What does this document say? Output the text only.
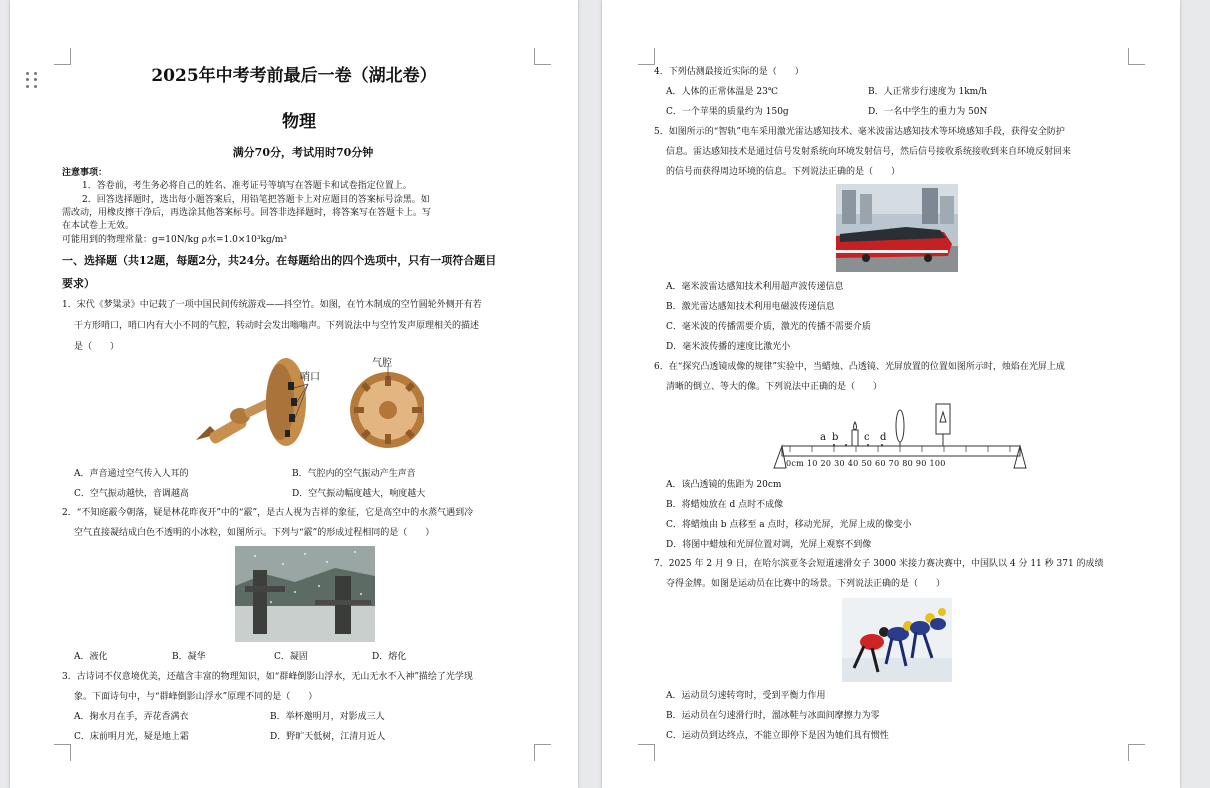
2025年中考考前最后一卷（湖北卷）
物理
满分70分，考试用时70分钟
注意事项：
1．答卷前，考生务必将自己的姓名、准考证号等填写在答题卡和试卷指定位置上。
2．回答选择题时，选出每小题答案后，用铅笔把答题卡上对应题目的答案标号涂黑。如
需改动，用橡皮擦干净后，再选涂其他答案标号。回答非选择题时，将答案写在答题卡上。写
在本试卷上无效。
可能用到的物理常量：g=10N/kg ρ水=1.0×10³kg/m³
一、选择题（共12题，每题2分，共24分。在每题给出的四个选项中，只有一项符合题目
要求）
1．宋代《梦粱录》中记载了一项中国民间传统游戏——抖空竹。如图，在竹木制成的空竹圆轮外侧开有若
干方形哨口，哨口内有大小不同的气腔，转动时会发出嗡嗡声。下列说法中与空竹发声原理相关的描述
是（　　）
哨口
气腔
A．声音通过空气传入人耳的	B．气腔内的空气振动产生声音
C．空气振动越快，音调越高	D．空气振动幅度越大，响度越大
2．“不知庭霰今朝落，疑是林花昨夜开”中的“霰”，是古人视为吉祥的象征，它是高空中的水蒸气遇到冷
空气直接凝结成白色不透明的小冰粒，如图所示。下列与“霰”的形成过程相同的是（　　）
A．液化	B．凝华	C．凝固	D．熔化
3．古诗词不仅意境优美，还蕴含丰富的物理知识，如“群峰倒影山浮水，无山无水不入神”描绘了光学现
象。下面诗句中，与“群峰倒影山浮水”原理不同的是（　　）
A．掬水月在手，弄花香满衣	B．举杯邀明月，对影成三人
C．床前明月光，疑是地上霜	D．野旷天低树，江清月近人
4．下列估测最接近实际的是（　　）
A．人体的正常体温是 23℃	B．人正常步行速度为 1km/h
C．一个苹果的质量约为 150g	D．一名中学生的重力为 50N
5．如图所示的“智轨”电车采用激光雷达感知技术、毫米波雷达感知技术等环境感知手段，获得安全防护
信息。雷达感知技术是通过信号发射系统向环境发射信号，然后信号接收系统接收到来自环境反射回来
的信号而获得周边环境的信息。下列说法正确的是（　　）
A．毫米波雷达感知技术利用超声波传递信息
B．激光雷达感知技术利用电磁波传递信息
C．毫米波的传播需要介质，激光的传播不需要介质
D．毫米波传播的速度比激光小
6．在“探究凸透镜成像的规律”实验中，当蜡烛、凸透镜、光屏放置的位置如图所示时，烛焰在光屏上成
清晰的倒立、等大的像。下列说法中正确的是（　　）
a b	c d
0cm 10 20 30 40 50 60 70 80 90 100
A．该凸透镜的焦距为 20cm
B．将蜡烛放在 d 点时不成像
C．将蜡烛由 b 点移至 a 点时，移动光屏，光屏上成的像变小
D．将图中蜡烛和光屏位置对调，光屏上观察不到像
7．2025 年 2 月 9 日，在哈尔滨亚冬会短道速滑女子 3000 米接力赛决赛中，中国队以 4 分 11 秒 371 的成绩
夺得金牌。如图是运动员在比赛中的场景。下列说法正确的是（　　）
A．运动员匀速转弯时，受到平衡力作用
B．运动员在匀速滑行时，溜冰鞋与冰面间摩擦力为零
C．运动员到达终点，不能立即停下是因为她们具有惯性
